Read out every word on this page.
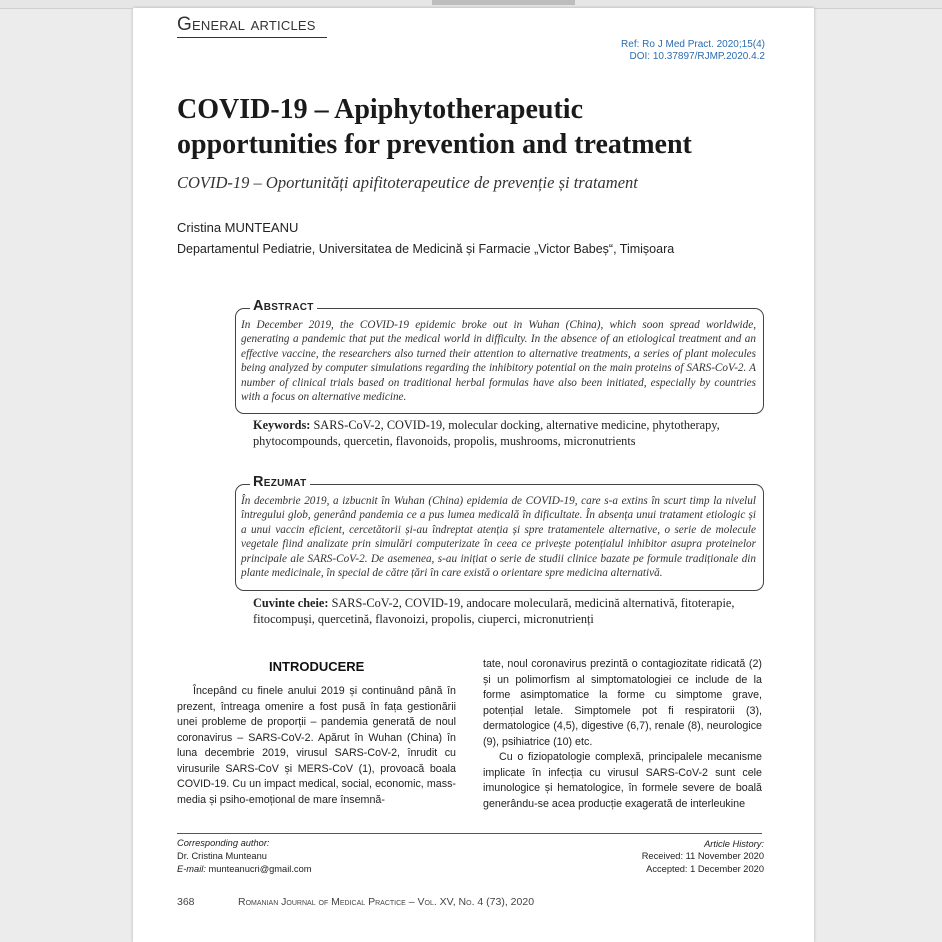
General articles
Ref: Ro J Med Pract. 2020;15(4)
DOI: 10.37897/RJMP.2020.4.2
COVID-19 – Apiphytotherapeutic
opportunities for prevention and treatment
COVID-19 – Oportunități apifitoterapeutice de prevenție și tratament
Cristina MUNTEANU
Departamentul Pediatrie, Universitatea de Medicină și Farmacie „Victor Babeș“, Timișoara
Abstract
In December 2019, the COVID-19 epidemic broke out in Wuhan (China), which soon spread worldwide, generating a pandemic that put the medical world in difficulty. In the absence of an etiological treatment and an effective vaccine, the researchers also turned their attention to alternative treatments, a series of plant molecules being analyzed by computer simulations regarding the inhibitory potential on the main proteins of SARS-CoV-2. A number of clinical trials based on traditional herbal formulas have also been initiated, especially by countries with a focus on alternative medicine.
Keywords: SARS-CoV-2, COVID-19, molecular docking, alternative medicine, phytotherapy, phytocompounds, quercetin, flavonoids, propolis, mushrooms, micronutrients
Rezumat
În decembrie 2019, a izbucnit în Wuhan (China) epidemia de COVID-19, care s-a extins în scurt timp la nivelul întregului glob, generând pandemia ce a pus lumea medicală în dificultate. În absența unui tratament etiologic și a unui vaccin eficient, cercetătorii și-au îndreptat atenția și spre tratamentele alternative, o serie de molecule vegetale fiind analizate prin simulări computerizate în ceea ce privește potențialul inhibitor asupra proteinelor principale ale SARS-CoV-2. De asemenea, s-au inițiat o serie de studii clinice bazate pe formule tradiționale din plante medicinale, în special de către țări în care există o orientare spre medicina alternativă.
Cuvinte cheie: SARS-CoV-2, COVID-19, andocare moleculară, medicină alternativă, fitoterapie, fitocompuși, quercetină, flavonoizi, propolis, ciuperci, micronutrienți
INTRODUCERE

Începând cu finele anului 2019 și continuând până în prezent, întreaga omenire a fost pusă în fața gestionării unei probleme de proporții – pandemia generată de noul coronavirus – SARS-CoV-2. Apărut în Wuhan (China) în luna decembrie 2019, virusul SARS-CoV-2, înrudit cu virusurile SARS-CoV și MERS-CoV (1), provoacă boala COVID-19. Cu un impact medical, social, economic, mass-media și psiho-emoțional de mare însemnă-

tate, noul coronavirus prezintă o contagiozitate ridicată (2) și un polimorfism al simptomatologiei ce include de la forme asimptomatice la forme cu simptome grave, potențial letale. Simptomele pot fi respiratorii (3), dermatologice (4,5), digestive (6,7), renale (8), neurologice (9), psihiatrice (10) etc.

Cu o fiziopatologie complexă, principalele mecanisme implicate în infecția cu virusul SARS-CoV-2 sunt cele imunologice și hematologice, în formele severe de boală generându-se acea producție exagerată de interleukine

Corresponding author:
Dr. Cristina Munteanu
E-mail: munteanucri@gmail.com
Article History:
Received: 11 November 2020
Accepted: 1 December 2020
368	Romanian Journal of Medical Practice – Vol. XV, No. 4 (73), 2020
